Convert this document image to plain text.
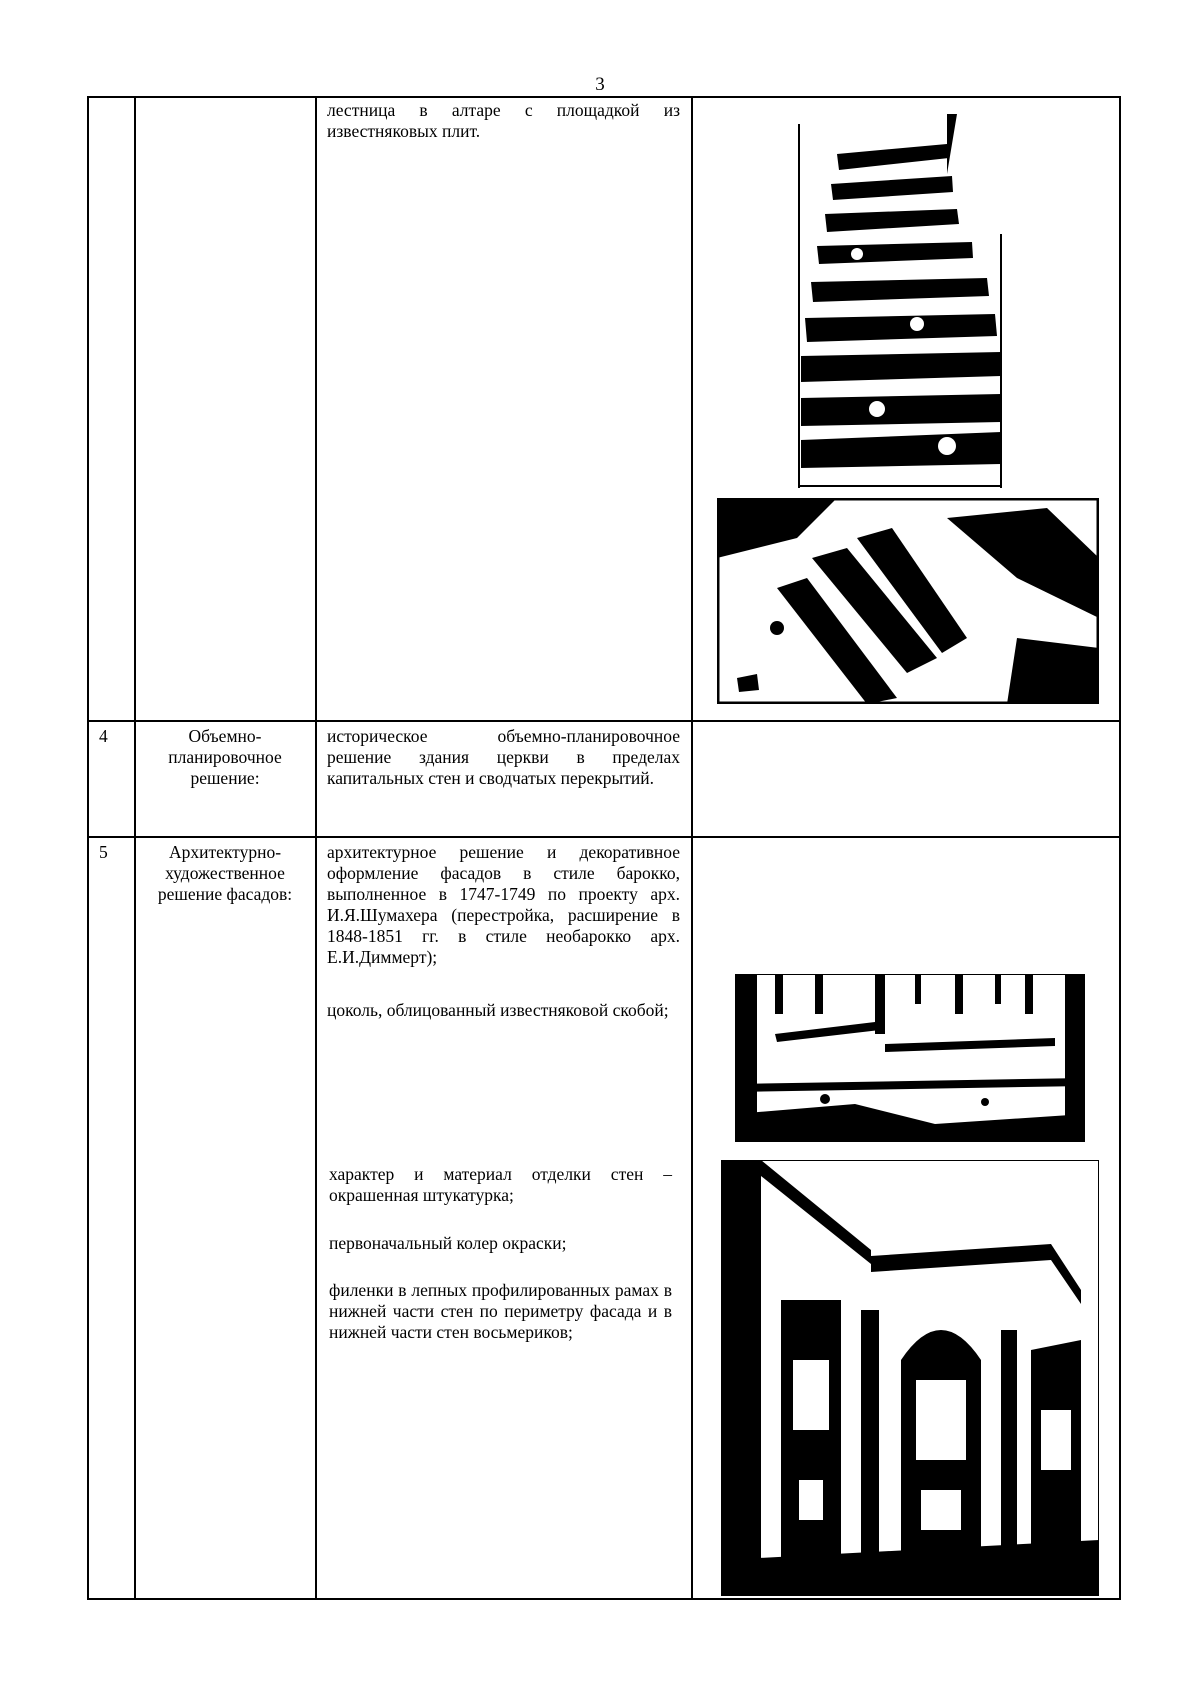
3
лестница в алтаре с площадкой из известняковых плит.
4	Объемно-планировочное решение:
историческое объемно-планировочное решение здания церкви в пределах капитальных стен и сводчатых перекрытий.
5	Архитектурно-художественное решение фасадов:
архитектурное решение и декоративное оформление фасадов в стиле барокко, выполненное в 1747-1749 по проекту арх. И.Я.Шумахера (перестройка, расширение в 1848-1851 гг. в стиле необарокко арх. Е.И.Диммерт);
цоколь, облицованный известняковой скобой;
характер и материал отделки стен – окрашенная штукатурка;
первоначальный колер окраски;
филенки в лепных профилированных рамах в нижней части стен по периметру фасада и в нижней части стен восьмериков;
